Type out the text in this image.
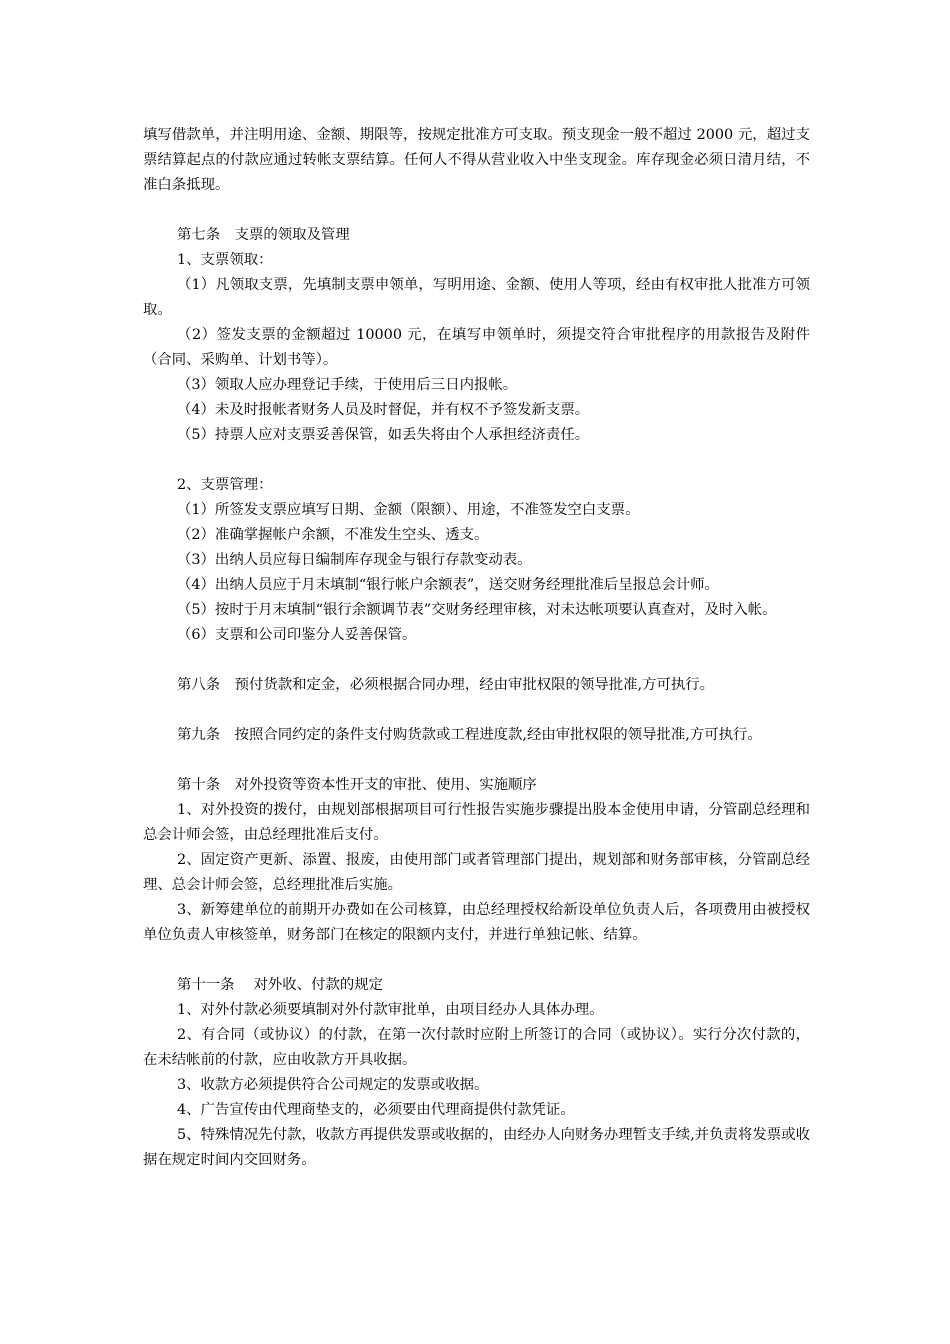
填写借款单，并注明用途、金额、期限等，按规定批准方可支取。预支现金一般不超过 2000 元，超过支票结算起点的付款应通过转帐支票结算。任何人不得从营业收入中坐支现金。库存现金必须日清月结，不准白条抵现。

第七条　支票的领取及管理

1、支票领取：

（1）凡领取支票，先填制支票申领单，写明用途、金额、使用人等项，经由有权审批人批准方可领取。

（2）签发支票的金额超过 10000 元，在填写申领单时，须提交符合审批程序的用款报告及附件（合同、采购单、计划书等）。

（3）领取人应办理登记手续，于使用后三日内报帐。

（4）未及时报帐者财务人员及时督促，并有权不予签发新支票。

（5）持票人应对支票妥善保管，如丢失将由个人承担经济责任。

2、支票管理：

（1）所签发支票应填写日期、金额（限额）、用途，不准签发空白支票。

（2）准确掌握帐户余额，不准发生空头、透支。

（3）出纳人员应每日编制库存现金与银行存款变动表。

（4）出纳人员应于月末填制“银行帐户余额表”，送交财务经理批准后呈报总会计师。

（5）按时于月末填制“银行余额调节表”交财务经理审核，对未达帐项要认真查对，及时入帐。

（6）支票和公司印鉴分人妥善保管。

第八条　预付货款和定金，必须根据合同办理，经由审批权限的领导批准,方可执行。

第九条　按照合同约定的条件支付购货款或工程进度款,经由审批权限的领导批准,方可执行。

第十条　对外投资等资本性开支的审批、使用、实施顺序

1、对外投资的拨付，由规划部根据项目可行性报告实施步骤提出股本金使用申请，分管副总经理和总会计师会签，由总经理批准后支付。

2、固定资产更新、添置、报废，由使用部门或者管理部门提出，规划部和财务部审核，分管副总经理、总会计师会签，总经理批准后实施。

3、新筹建单位的前期开办费如在公司核算，由总经理授权给新设单位负责人后，各项费用由被授权单位负责人审核签单，财务部门在核定的限额内支付，并进行单独记帐、结算。

第十一条　 对外收、付款的规定

1、对外付款必须要填制对外付款审批单，由项目经办人具体办理。

2、有合同（或协议）的付款，在第一次付款时应附上所签订的合同（或协议）。实行分次付款的，在未结帐前的付款，应由收款方开具收据。

3、收款方必须提供符合公司规定的发票或收据。

4、广告宣传由代理商垫支的，必须要由代理商提供付款凭证。

5、特殊情况先付款，收款方再提供发票或收据的，由经办人向财务办理暂支手续,并负责将发票或收据在规定时间内交回财务。
